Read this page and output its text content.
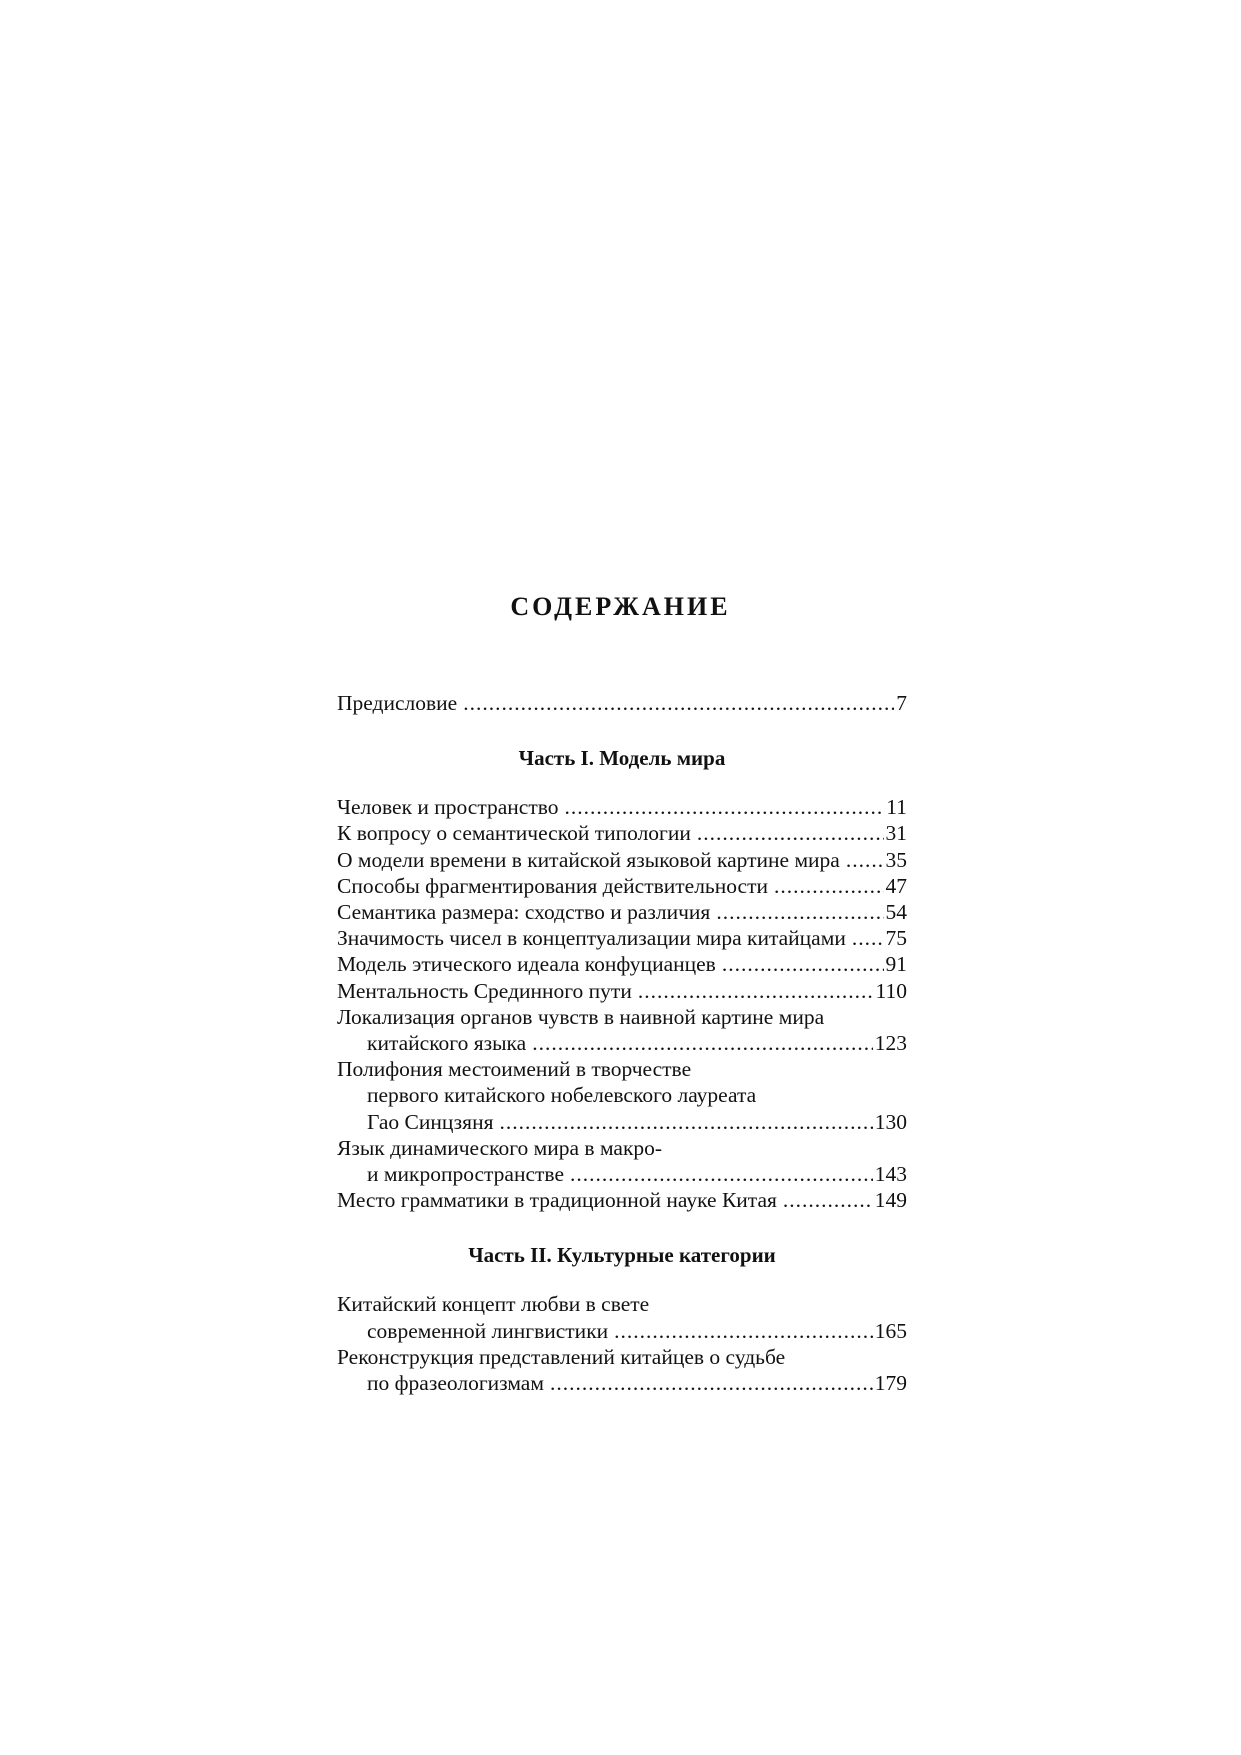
СОДЕРЖАНИЕ
Предисловие .....	7
Часть I. Модель мира
Человек и пространство .....	11
К вопросу о семантической типологии .....	31
О модели времени в китайской языковой картине мира ..... 35
Способы фрагментирования действительности .....	47
Семантика размера: сходство и различия .....	54
Значимость чисел в концептуализации мира китайцами ..... 75
Модель этического идеала конфуцианцев .....	91
Ментальность Срединного пути .....	110
Локализация органов чувств в наивной картине мира
китайского языка .....	123
Полифония местоимений в творчестве
первого китайского нобелевского лауреата
Гао Синцзяня .....	130
Язык динамического мира в макро-
и микропространстве .....	143
Место грамматики в традиционной науке Китая .....	149
Часть II. Культурные категории
Китайский концепт любви в свете
современной лингвистики .....	165
Реконструкция представлений китайцев о судьбе
по фразеологизмам .....	179
